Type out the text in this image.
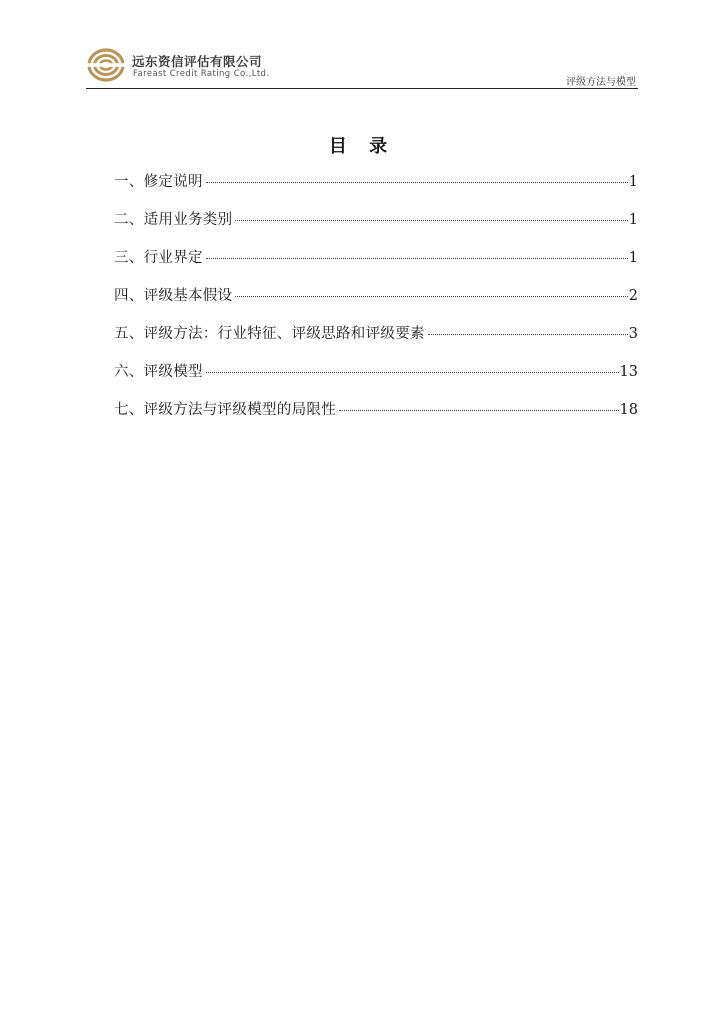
远东资信评估有限公司
Fareast Credit Rating Co.,Ltd.
评级方法与模型
目 录
一、修定说明	1
二、适用业务类别	1
三、行业界定	1
四、评级基本假设	2
五、评级方法：行业特征、评级思路和评级要素	3
六、评级模型	13
七、评级方法与评级模型的局限性	18
